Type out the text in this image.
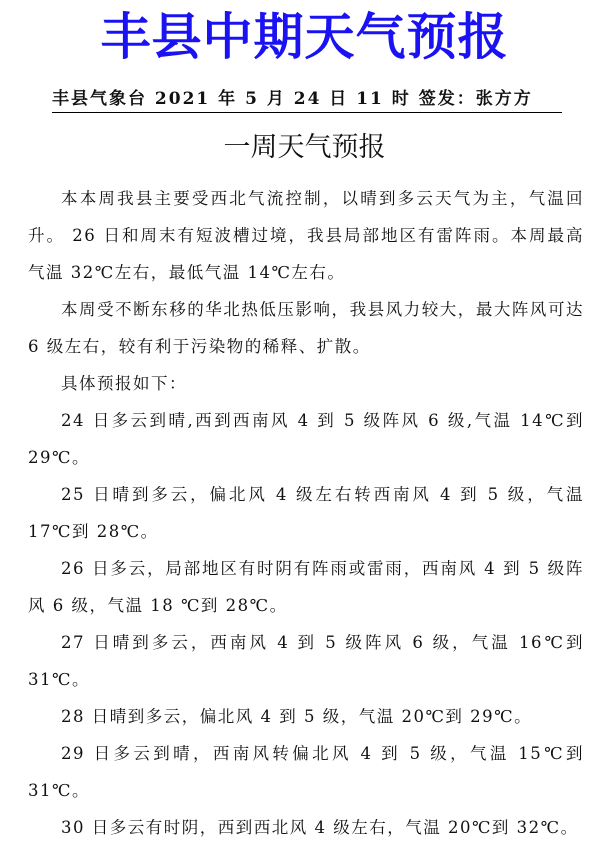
丰县中期天气预报
丰县气象台 2021 年 5 月 24 日 11 时 签发：张方方
一周天气预报

本本周我县主要受西北气流控制，以晴到多云天气为主，气温回升。 26 日和周末有短波槽过境，我县局部地区有雷阵雨。本周最高气温 32℃左右，最低气温 14℃左右。

本周受不断东移的华北热低压影响，我县风力较大，最大阵风可达 6 级左右，较有利于污染物的稀释、扩散。

具体预报如下：

24 日多云到晴,西到西南风 4 到 5 级阵风 6 级,气温 14℃到 29℃。

25 日晴到多云，偏北风 4 级左右转西南风 4 到 5 级，气温 17℃到 28℃。

26 日多云，局部地区有时阴有阵雨或雷雨，西南风 4 到 5 级阵风 6 级，气温 18 ℃到 28℃。

27 日晴到多云，西南风 4 到 5 级阵风 6 级，气温 16℃到 31℃。

28 日晴到多云，偏北风 4 到 5 级，气温 20℃到 29℃。

29 日多云到晴，西南风转偏北风 4 到 5 级，气温 15℃到 31℃。

30 日多云有时阴，西到西北风 4 级左右，气温 20℃到 32℃。
